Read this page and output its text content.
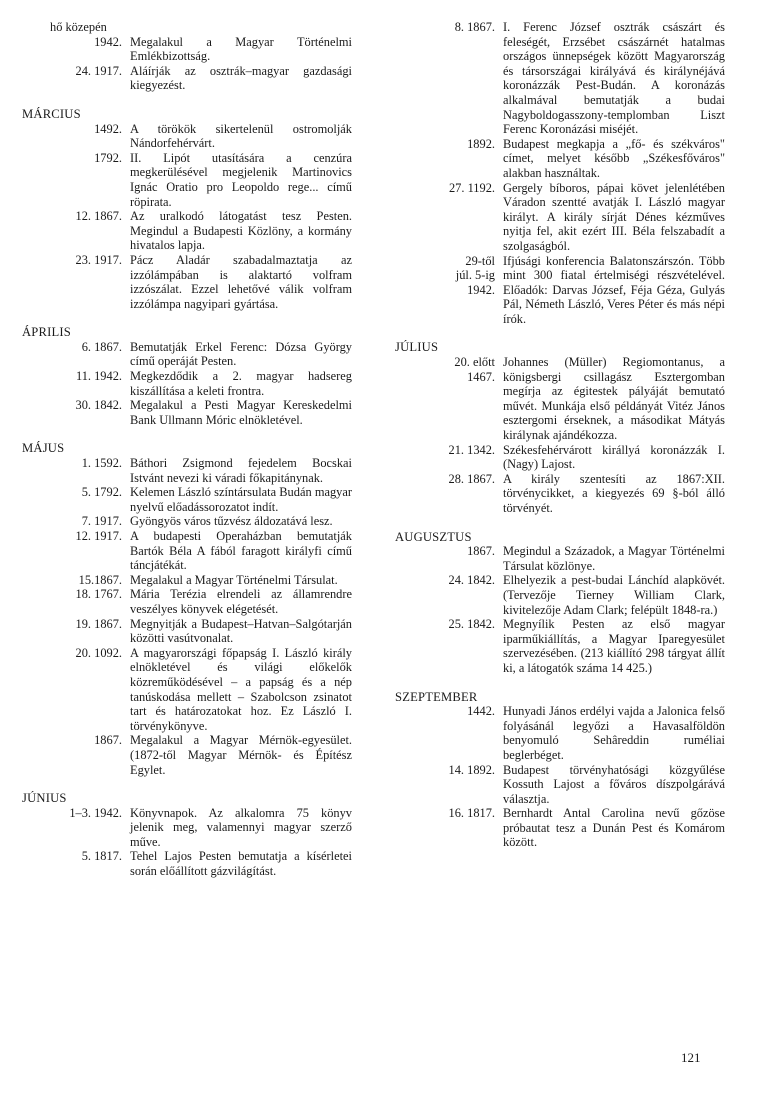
hő közepén
1942. Megalakul a Magyar Történelmi Emlékbizottság.
24. 1917. Aláírják az osztrák–magyar gazdasági kiegyezést.
MÁRCIUS
1492. A törökök sikertelenül ostromolják Nándorfehérvárt.
1792. II. Lipót utasítására a cenzúra megkerülésével megjelenik Martinovics Ignác Oratio pro Leopoldo rege... című röpirata.
12. 1867. Az uralkodó látogatást tesz Pesten. Megindul a Budapesti Közlöny, a kormány hivatalos lapja.
23. 1917. Pácz Aladár szabadalmaztatja az izzólámpában is alaktartó volfram izzószálat. Ezzel lehetővé válik volfram izzólámpa nagyipari gyártása.
ÁPRILIS
6. 1867. Bemutatják Erkel Ferenc: Dózsa György című operáját Pesten.
11. 1942. Megkezdődik a 2. magyar hadsereg kiszállítása a keleti frontra.
30. 1842. Megalakul a Pesti Magyar Kereskedelmi Bank Ullmann Móric elnökletével.
MÁJUS
1. 1592. Báthori Zsigmond fejedelem Bocskai Istvánt nevezi ki váradi főkapitánynak.
5. 1792. Kelemen László színtársulata Budán magyar nyelvű előadássorozatot indít.
7. 1917. Gyöngyös város tűzvész áldozatává lesz.
12. 1917. A budapesti Operaházban bemutatják Bartók Béla A fából faragott királyfi című táncjátékát.
15.1867. Megalakul a Magyar Történelmi Társulat.
18. 1767. Mária Terézia elrendeli az államrendre veszélyes könyvek elégetését.
19. 1867. Megnyitják a Budapest–Hatvan–Salgótarján közötti vasútvonalat.
20. 1092. A magyarországi főpapság I. László király elnökletével és világi előkelők közreműködésével – a papság és a nép tanúskodása mellett – Szabolcson zsinatot tart és határozatokat hoz. Ez László I. törvénykönyve.
1867. Megalakul a Magyar Mérnök-egyesület. (1872-től Magyar Mérnök- és Építész Egylet.
JÚNIUS
1–3. 1942. Könyvnapok. Az alkalomra 75 könyv jelenik meg, valamennyi magyar szerző műve.
5. 1817. Tehel Lajos Pesten bemutatja a kísérletei során előállított gázvilágítást.
8. 1867. I. Ferenc József osztrák császárt és feleségét, Erzsébet császárnét hatalmas országos ünnepségek között Magyarország és társországai királyává és királynéjává koronázzák Pest-Budán. A koronázás alkalmával bemutatják a budai Nagyboldogasszony-templomban Liszt Ferenc Koronázási miséjét.
1892. Budapest megkapja a „fő- és székváros" címet, melyet később „Székesfőváros" alakban használtak.
27. 1192. Gergely bíboros, pápai követ jelenlétében Váradon szentté avatják I. László magyar királyt. A király sírját Dénes kézműves nyitja fel, akit ezért III. Béla felszabadít a szolgaságból.
29-től
júl. 5-ig
1942.
Ifjúsági konferencia Balatonszárszón. Több mint 300 fiatal értelmiségi részvételével. Előadók: Darvas József, Féja Géza, Gulyás Pál, Németh László, Veres Péter és más népi írók.
JÚLIUS
20. előtt
1467.
Johannes (Müller) Regiomontanus, a königsbergi csillagász Esztergomban megírja az égitestek pályáját bemutató művét. Munkája első példányát Vitéz János esztergomi érseknek, a másodikat Mátyás királynak ajándékozza.
21. 1342. Székesfehérvárott királlyá koronázzák I. (Nagy) Lajost.
28. 1867. A király szentesíti az 1867:XII. törvénycikket, a kiegyezés 69 §-ból álló törvényét.
AUGUSZTUS
1867. Megindul a Századok, a Magyar Történelmi Társulat közlönye.
24. 1842. Elhelyezik a pest-budai Lánchíd alapkövét. (Tervezője Tierney William Clark, kivitelezője Adam Clark; felépült 1848-ra.)
25. 1842. Megnyílik Pesten az első magyar iparműkiállítás, a Magyar Iparegyesület szervezésében. (213 kiállító 298 tárgyat állít ki, a látogatók száma 14 425.)
SZEPTEMBER
1442. Hunyadi János erdélyi vajda a Jalonica felső folyásánál legyőzi a Havasalföldön benyomuló Sehâreddin ruméliai beglerbéget.
14. 1892. Budapest törvényhatósági közgyűlése Kossuth Lajost a főváros díszpolgárává választja.
16. 1817. Bernhardt Antal Carolina nevű gőzöse próbautat tesz a Dunán Pest és Komárom között.
121
